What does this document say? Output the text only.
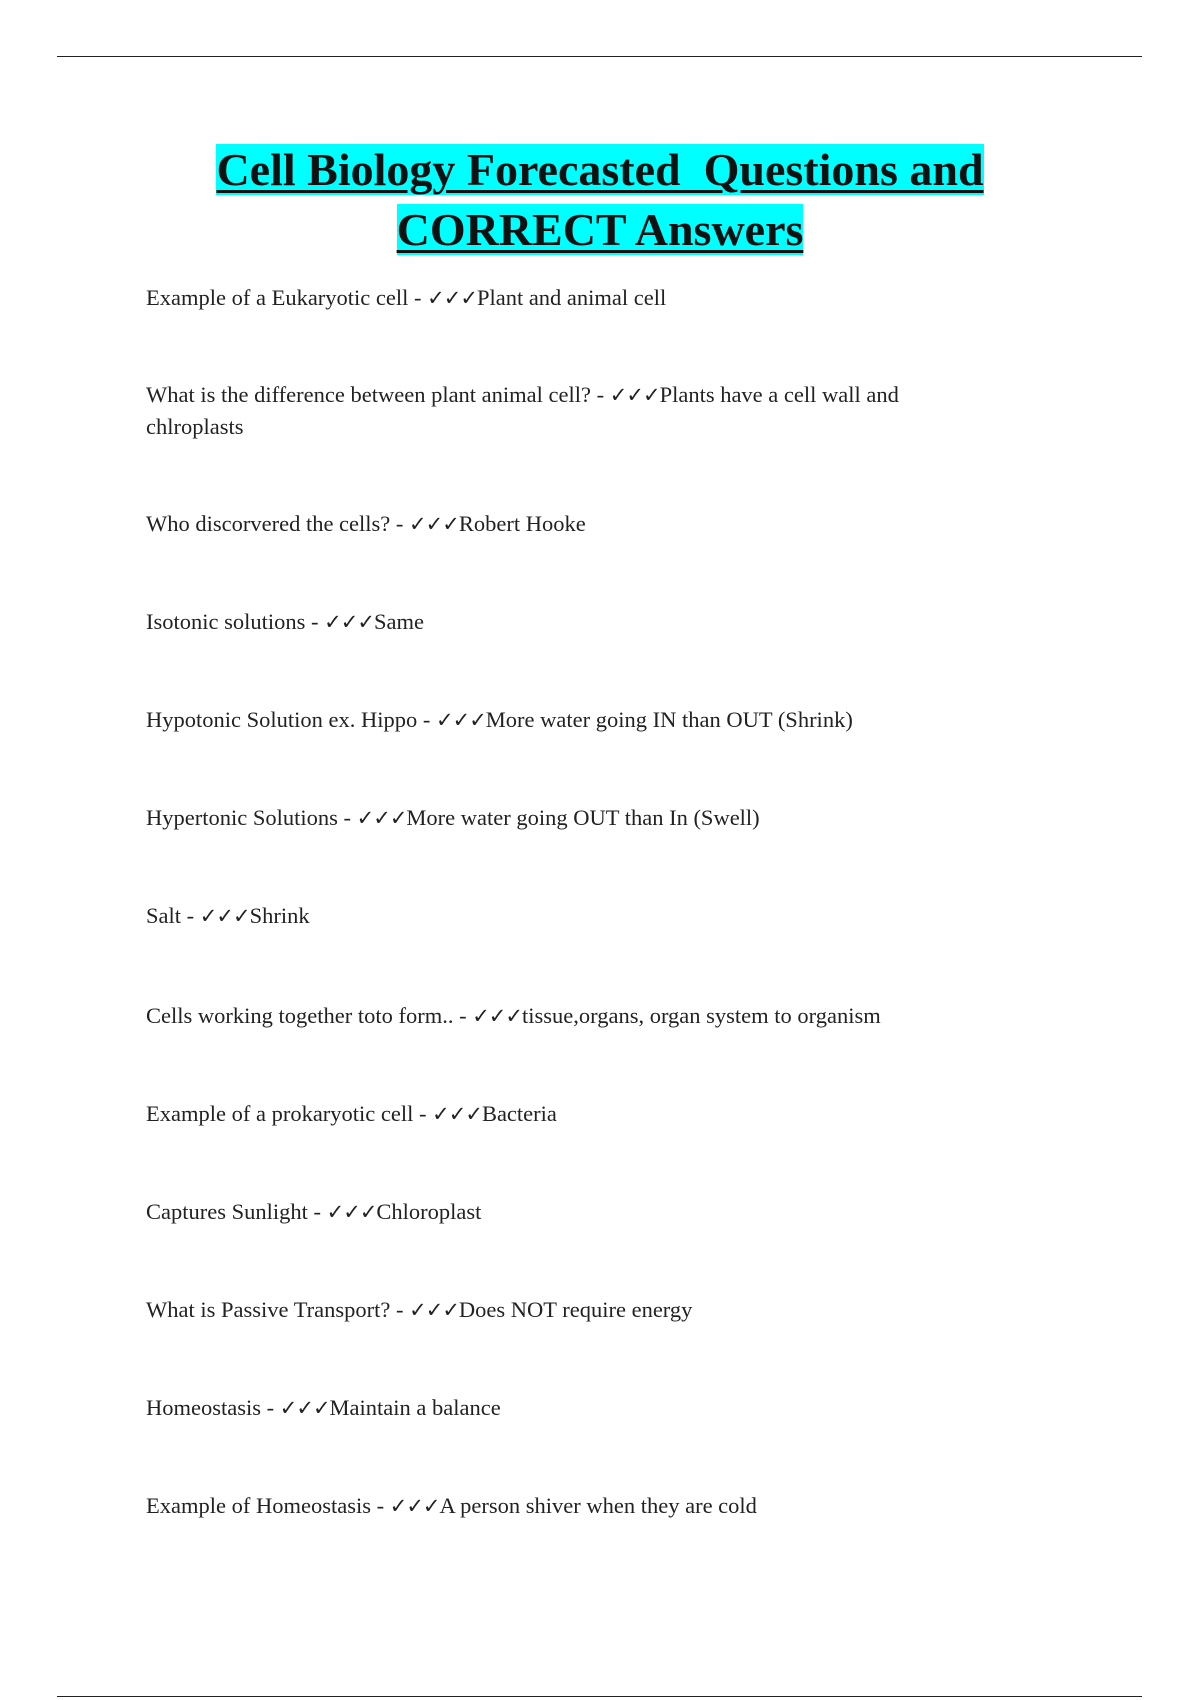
Cell Biology Forecasted  Questions and
CORRECT Answers
Example of a Eukaryotic cell - ✓✓✓Plant and animal cell
What is the difference between plant animal cell? - ✓✓✓Plants have a cell wall and chlroplasts
Who discorvered the cells? - ✓✓✓Robert Hooke
Isotonic solutions - ✓✓✓Same
Hypotonic Solution ex. Hippo - ✓✓✓More water going IN than OUT (Shrink)
Hypertonic Solutions - ✓✓✓More water going OUT than In (Swell)
Salt - ✓✓✓Shrink
Cells working together toto form.. - ✓✓✓tissue,organs, organ system to organism
Example of a prokaryotic cell - ✓✓✓Bacteria
Captures Sunlight - ✓✓✓Chloroplast
What is Passive Transport? - ✓✓✓Does NOT require energy
Homeostasis - ✓✓✓Maintain a balance
Example of Homeostasis - ✓✓✓A person shiver when they are cold
